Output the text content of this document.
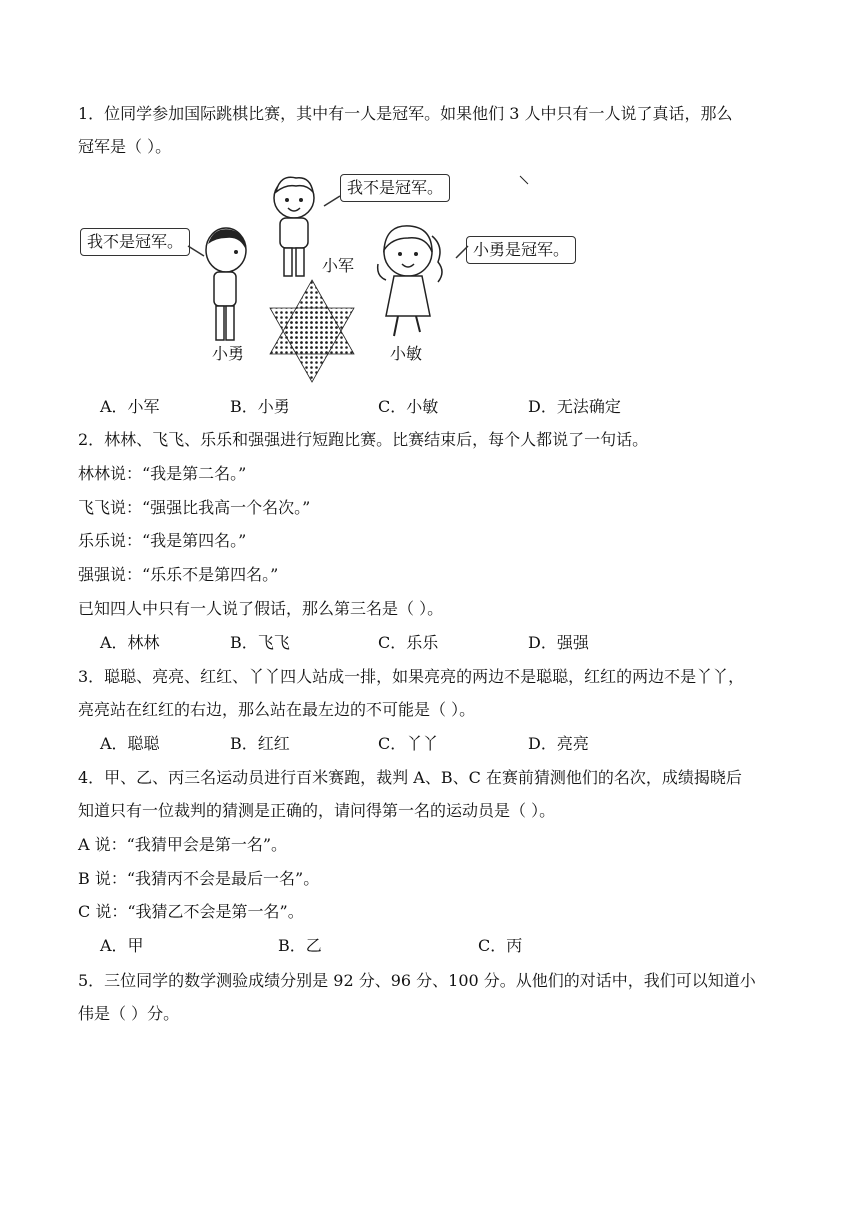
1．位同学参加国际跳棋比赛，其中有一人是冠军。如果他们 3 人中只有一人说了真话，那么
冠军是（ ）。
我不是冠军。
我不是冠军。	小勇是冠军。
小军
小勇	小敏
A．小军	B．小勇	C．小敏	D．无法确定
2．林林、飞飞、乐乐和强强进行短跑比赛。比赛结束后，每个人都说了一句话。
林林说：“我是第二名。”
飞飞说：“强强比我高一个名次。”
乐乐说：“我是第四名。”
强强说：“乐乐不是第四名。”
已知四人中只有一人说了假话，那么第三名是（ ）。
A．林林	B．飞飞	C．乐乐	D．强强
3．聪聪、亮亮、红红、丫丫四人站成一排，如果亮亮的两边不是聪聪，红红的两边不是丫丫，
亮亮站在红红的右边，那么站在最左边的不可能是（ ）。
A．聪聪	B．红红	C．丫丫	D．亮亮
4．甲、乙、丙三名运动员进行百米赛跑，裁判 A、B、C 在赛前猜测他们的名次，成绩揭晓后
知道只有一位裁判的猜测是正确的，请问得第一名的运动员是（ ）。
A 说：“我猜甲会是第一名”。
B 说：“我猜丙不会是最后一名”。
C 说：“我猜乙不会是第一名”。
A．甲	B．乙	C．丙
5．三位同学的数学测验成绩分别是 92 分、96 分、100 分。从他们的对话中，我们可以知道小
伟是（ ）分。
